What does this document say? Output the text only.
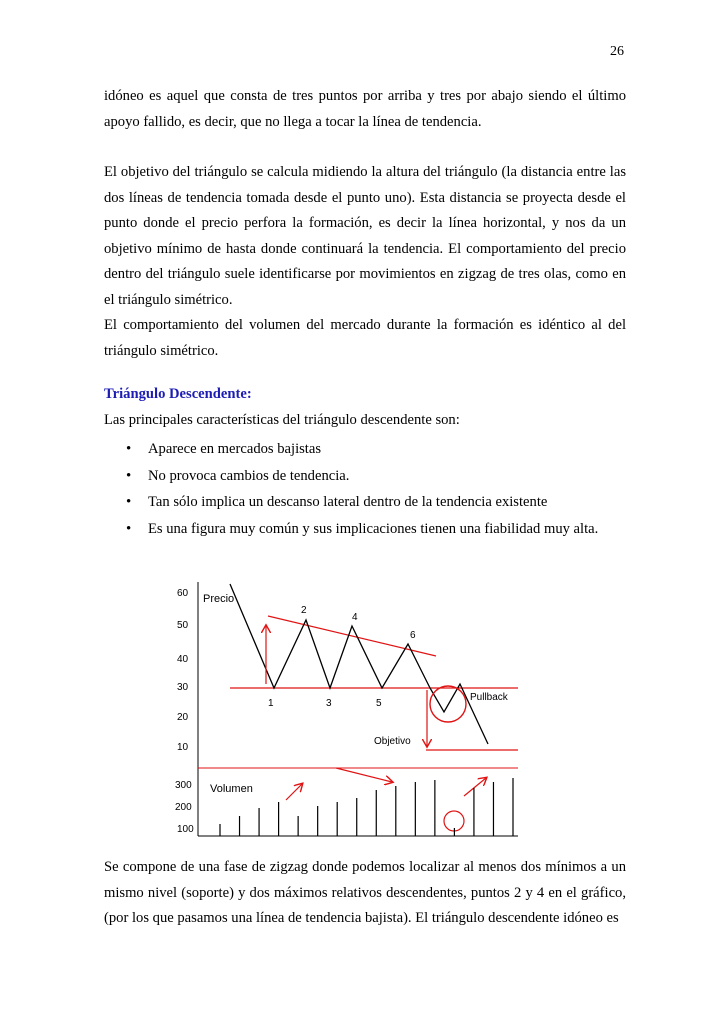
26

idóneo es aquel que consta de tres puntos por arriba y tres por abajo siendo el último apoyo fallido, es decir, que no llega a tocar la línea de tendencia.

El objetivo del triángulo se calcula midiendo la altura del triángulo (la distancia entre las dos líneas de tendencia tomada desde el punto uno). Esta distancia se proyecta desde el punto donde el precio perfora la formación, es decir la línea horizontal, y nos da un objetivo mínimo de hasta donde continuará la tendencia. El comportamiento del precio dentro del triángulo suele identificarse por movimientos en zigzag de tres olas, como en el triángulo simétrico.

El comportamiento del volumen del mercado durante la formación es idéntico al del triángulo simétrico.

Triángulo Descendente:
Las principales características del triángulo descendente son:
• Aparece en mercados bajistas
• No provoca cambios de tendencia.
• Tan sólo implica un descanso lateral dentro de la tendencia existente
• Es una figura muy común y sus implicaciones tienen una fiabilidad muy alta.
Precio
Volumen
60
50
40
30
20
10
300
200
100
1
2
3
4
5
6
Pullback
Objetivo

Se compone de una fase de zigzag donde podemos localizar al menos dos mínimos a un mismo nivel (soporte) y dos máximos relativos descendentes, puntos 2 y 4 en el gráfico, (por los que pasamos una línea de tendencia bajista). El triángulo descendente idóneo es
